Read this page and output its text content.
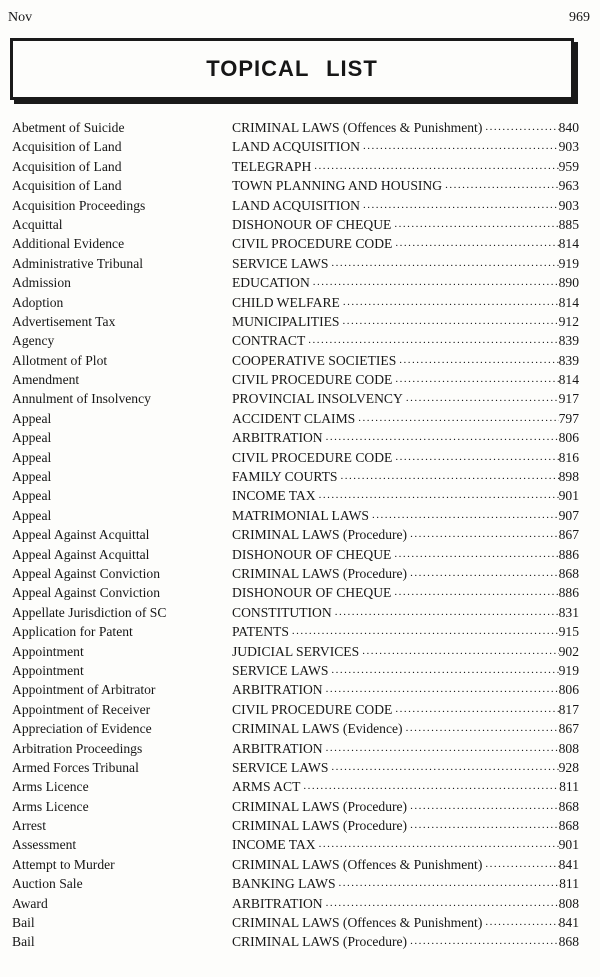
Nov	969
TOPICAL LIST
Abetment of Suicide	CRIMINAL LAWS (Offences & Punishment) .....	840
Acquisition of Land	LAND ACQUISITION .....	903
Acquisition of Land	TELEGRAPH .....	959
Acquisition of Land	TOWN PLANNING AND HOUSING .....	963
Acquisition Proceedings	LAND ACQUISITION .....	903
Acquittal	DISHONOUR OF CHEQUE .....	885
Additional Evidence	CIVIL PROCEDURE CODE .....	814
Administrative Tribunal	SERVICE LAWS .....	919
Admission	EDUCATION .....	890
Adoption	CHILD WELFARE .....	814
Advertisement Tax	MUNICIPALITIES .....	912
Agency	CONTRACT .....	839
Allotment of Plot	COOPERATIVE SOCIETIES .....	839
Amendment	CIVIL PROCEDURE CODE .....	814
Annulment of Insolvency	PROVINCIAL INSOLVENCY .....	917
Appeal	ACCIDENT CLAIMS .....	797
Appeal	ARBITRATION .....	806
Appeal	CIVIL PROCEDURE CODE .....	816
Appeal	FAMILY COURTS .....	898
Appeal	INCOME TAX .....	901
Appeal	MATRIMONIAL LAWS .....	907
Appeal Against Acquittal	CRIMINAL LAWS (Procedure) .....	867
Appeal Against Acquittal	DISHONOUR OF CHEQUE .....	886
Appeal Against Conviction	CRIMINAL LAWS (Procedure) .....	868
Appeal Against Conviction	DISHONOUR OF CHEQUE .....	886
Appellate Jurisdiction of SC	CONSTITUTION .....	831
Application for Patent	PATENTS .....	915
Appointment	JUDICIAL SERVICES .....	902
Appointment	SERVICE LAWS .....	919
Appointment of Arbitrator	ARBITRATION .....	806
Appointment of Receiver	CIVIL PROCEDURE CODE .....	817
Appreciation of Evidence	CRIMINAL LAWS (Evidence) .....	867
Arbitration Proceedings	ARBITRATION .....	808
Armed Forces Tribunal	SERVICE LAWS .....	928
Arms Licence	ARMS ACT .....	811
Arms Licence	CRIMINAL LAWS (Procedure) .....	868
Arrest	CRIMINAL LAWS (Procedure) .....	868
Assessment	INCOME TAX .....	901
Attempt to Murder	CRIMINAL LAWS (Offences & Punishment) .....	841
Auction Sale	BANKING LAWS .....	811
Award	ARBITRATION .....	808
Bail	CRIMINAL LAWS (Offences & Punishment) .....	841
Bail	CRIMINAL LAWS (Procedure) .....	868
